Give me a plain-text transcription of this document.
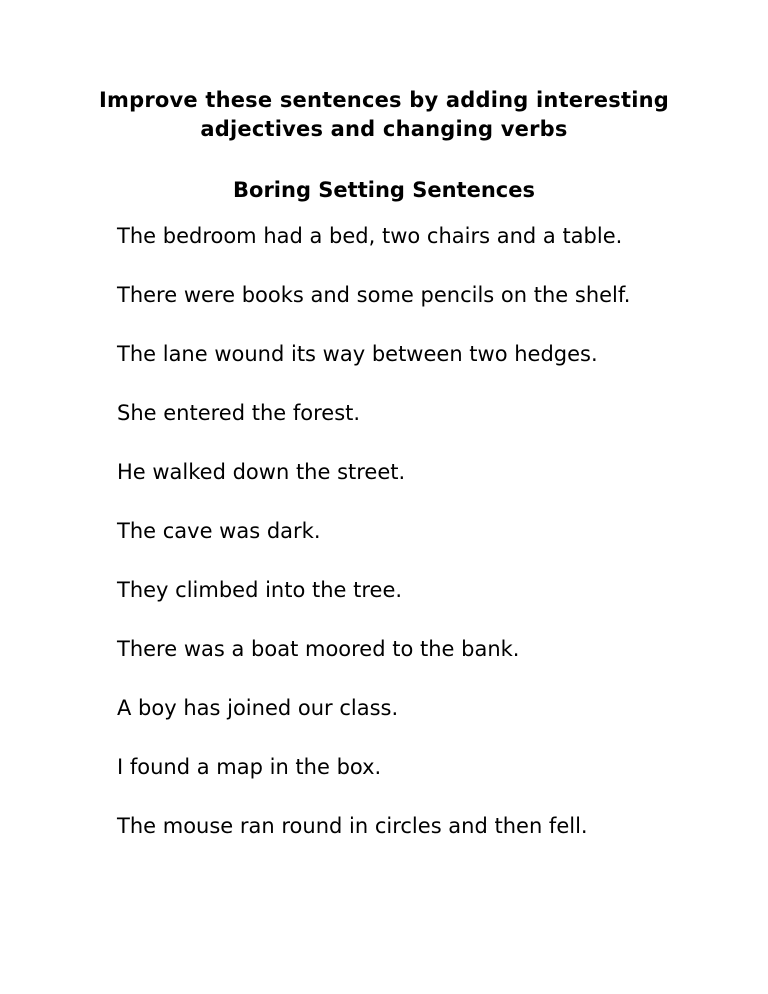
Improve these sentences by adding interesting
adjectives and changing verbs
Boring Setting Sentences
The bedroom had a bed, two chairs and a table.
There were books and some pencils on the shelf.
The lane wound its way between two hedges.
She entered the forest.
He walked down the street.
The cave was dark.
They climbed into the tree.
There was a boat moored to the bank.
A boy has joined our class.
I found a map in the box.
The mouse ran round in circles and then fell.
